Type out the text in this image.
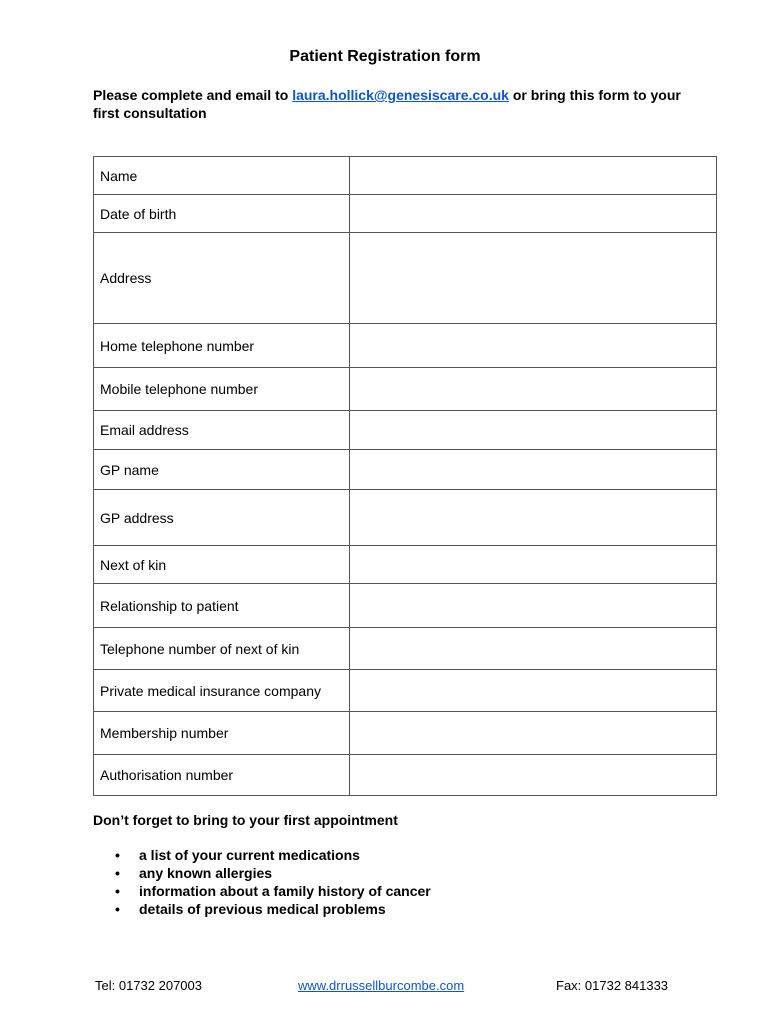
Patient Registration form
Please complete and email to laura.hollick@genesiscare.co.uk or bring this form to your first consultation
Name	
Date of birth	
Address	
Home telephone number	
Mobile telephone number	
Email address	
GP name	
GP address	
Next of kin	
Relationship to patient	
Telephone number of next of kin	
Private medical insurance company	
Membership number	
Authorisation number	

Don’t forget to bring to your first appointment

• a list of your current medications
• any known allergies
• information about a family history of cancer
• details of previous medical problems
Tel: 01732 207003	www.drrussellburcombe.com	Fax: 01732 841333
